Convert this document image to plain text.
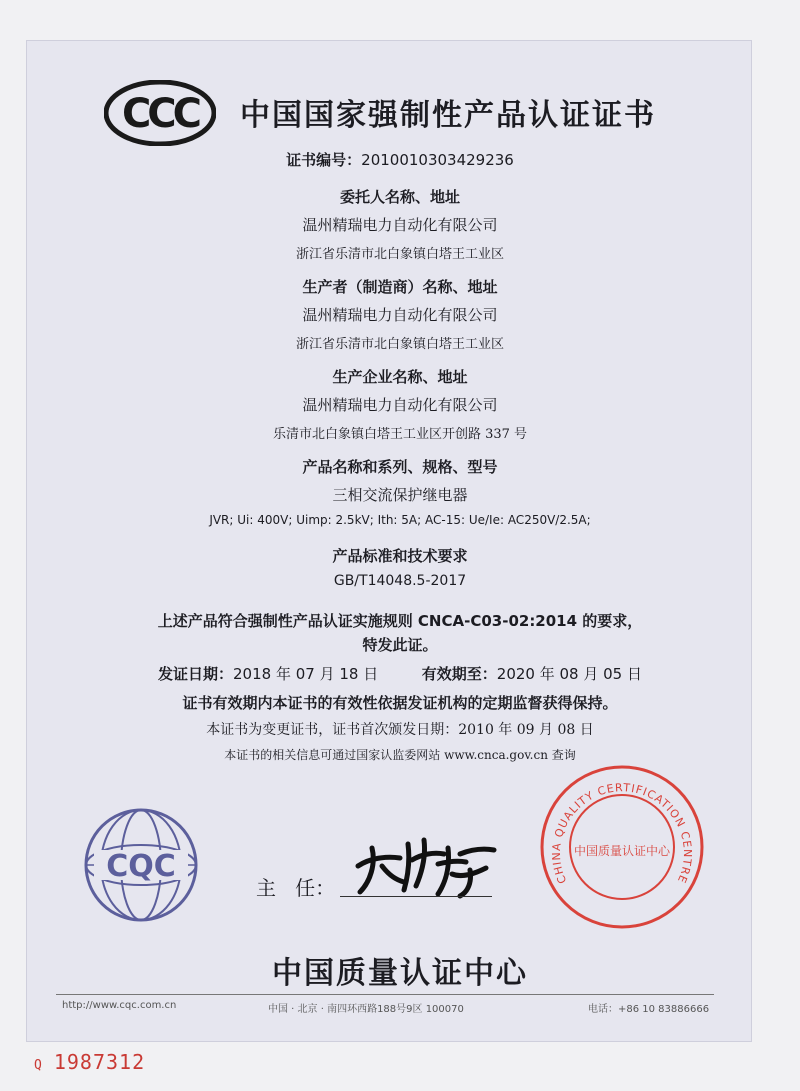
CCC	中国国家强制性产品认证证书
证书编号：2010010303429236
委托人名称、地址
温州精瑞电力自动化有限公司
浙江省乐清市北白象镇白塔王工业区
生产者（制造商）名称、地址
温州精瑞电力自动化有限公司
浙江省乐清市北白象镇白塔王工业区
生产企业名称、地址
温州精瑞电力自动化有限公司
乐清市北白象镇白塔王工业区开创路 337 号
产品名称和系列、规格、型号
三相交流保护继电器
JVR; Ui: 400V; Uimp: 2.5kV; Ith: 5A; AC-15: Ue/Ie: AC250V/2.5A;
产品标准和技术要求
GB/T14048.5-2017
上述产品符合强制性产品认证实施规则 CNCA-C03-02:2014 的要求，
特发此证。
发证日期：2018 年 07 月 18 日	有效期至：2020 年 08 月 05 日
证书有效期内本证书的有效性依据发证机构的定期监督获得保持。
本证书为变更证书，证书首次颁发日期：2010 年 09 月 08 日
本证书的相关信息可通过国家认监委网站 www.cnca.gov.cn 查询
CQC
主   任：	CHINA QUALITY CERTIFICATION CENTRE
中国质量认证中心
中国质量认证中心
http://www.cqc.com.cn	中国 · 北京 · 南四环西路188号9区 100070	电话：+86 10 83886666
Q 1987312
